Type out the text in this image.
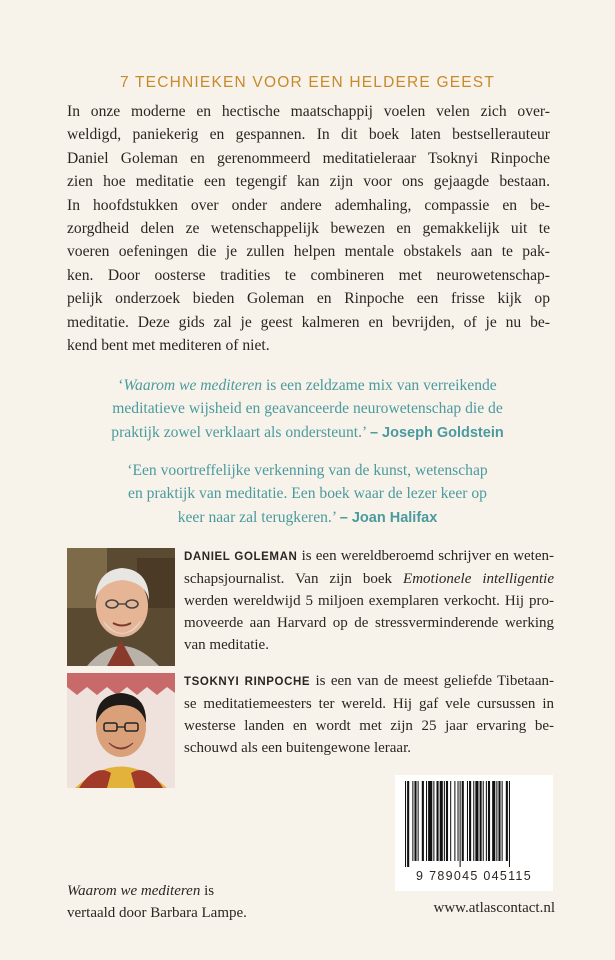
7 TECHNIEKEN VOOR EEN HELDERE GEEST
In onze moderne en hectische maatschappij voelen velen zich over-
weldigd, paniekerig en gespannen. In dit boek laten bestsellerauteur
Daniel Goleman en gerenommeerd meditatieleraar Tsoknyi Rinpoche
zien hoe meditatie een tegengif kan zijn voor ons gejaagde bestaan.
In hoofdstukken over onder andere ademhaling, compassie en be-
zorgdheid delen ze wetenschappelijk bewezen en gemakkelijk uit te
voeren oefeningen die je zullen helpen mentale obstakels aan te pak-
ken. Door oosterse tradities te combineren met neurowetenschap-
pelijk onderzoek bieden Goleman en Rinpoche een frisse kijk op
meditatie. Deze gids zal je geest kalmeren en bevrijden, of je nu be-
kend bent met mediteren of niet.
‘Waarom we mediteren is een zeldzame mix van verreikende
meditatieve wijsheid en geavanceerde neurowetenschap die de
praktijk zowel verklaart als ondersteunt.’ – Joseph Goldstein
‘Een voortreffelijke verkenning van de kunst, wetenschap
en praktijk van meditatie. Een boek waar de lezer keer op
keer naar zal terugkeren.’ – Joan Halifax
DANIEL GOLEMAN is een wereldberoemd schrijver en weten-
schapsjournalist. Van zijn boek Emotionele intelligentie
werden wereldwijd 5 miljoen exemplaren verkocht. Hij pro-
moveerde aan Harvard op de stressverminderende werking
van meditatie.
TSOKNYI RINPOCHE is een van de meest geliefde Tibetaan-
se meditatiemeesters ter wereld. Hij gaf vele cursussen in
westerse landen en wordt met zijn 25 jaar ervaring be-
schouwd als een buitengewone leraar.
9 789045 045115
Waarom we mediteren is
vertaald door Barbara Lampe.	www.atlascontact.nl
